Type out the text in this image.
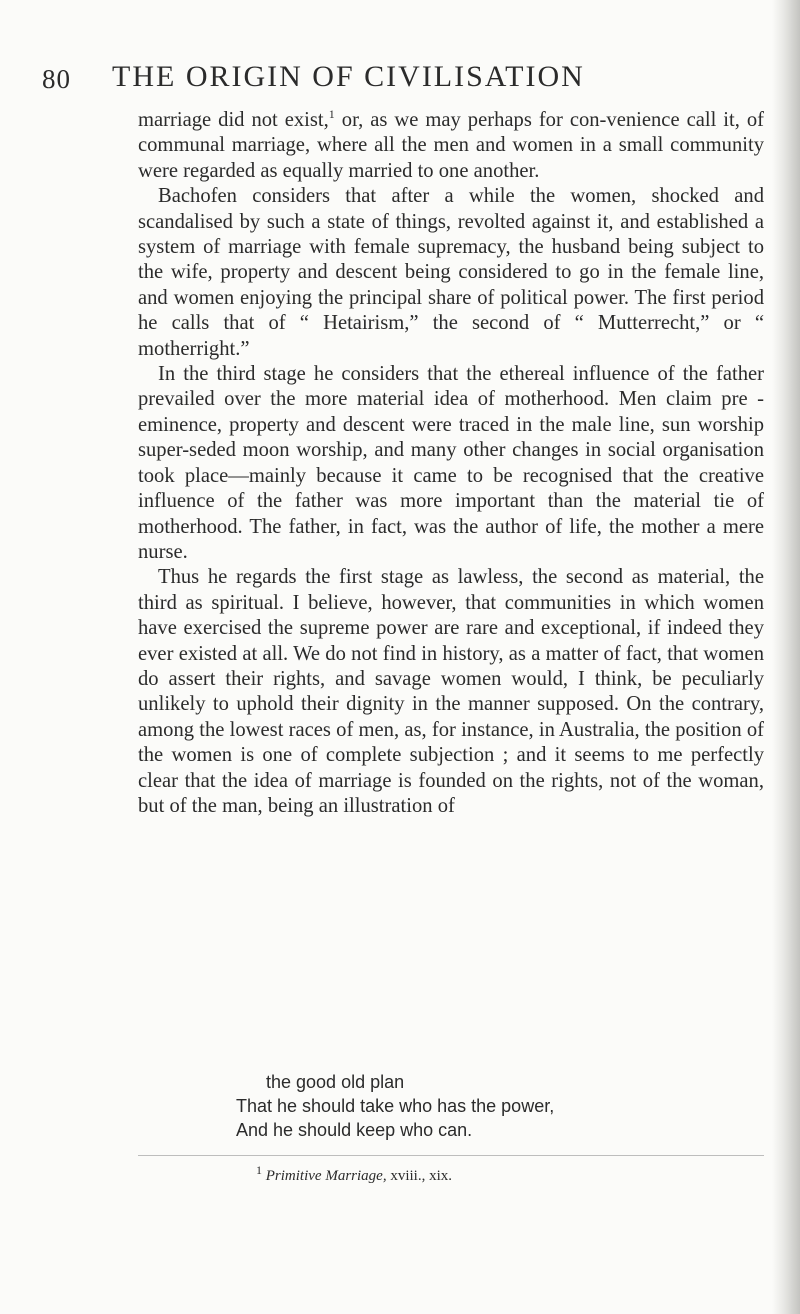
80 THE ORIGIN OF CIVILISATION

marriage did not exist,$^1$ or, as we may perhaps for con-venience call it, of communal marriage, where all the men and women in a small community were regarded as equally married to one another.

Bachofen considers that after a while the women, shocked and scandalised by such a state of things, revolted against it, and established a system of marriage with female supremacy, the husband being subject to the wife, property and descent being considered to go in the female line, and women enjoying the principal share of political power. The first period he calls that of “ Hetairism,” the second of “ Mutterrecht,” or “ motherright.”

In the third stage he considers that the ethereal influence of the father prevailed over the more material idea of motherhood. Men claim pre - eminence, property and descent were traced in the male line, sun worship super-seded moon worship, and many other changes in social organisation took place—mainly because it came to be recognised that the creative influence of the father was more important than the material tie of motherhood. The father, in fact, was the author of life, the mother a mere nurse.

Thus he regards the first stage as lawless, the second as material, the third as spiritual. I believe, however, that communities in which women have exercised the supreme power are rare and exceptional, if indeed they ever existed at all. We do not find in history, as a matter of fact, that women do assert their rights, and savage women would, I think, be peculiarly unlikely to uphold their dignity in the manner supposed. On the contrary, among the lowest races of men, as, for instance, in Australia, the position of the women is one of complete subjection ; and it seems to me perfectly clear that the idea of marriage is founded on the rights, not of the woman, but of the man, being an illustration of

the good old plan
That he should take who has the power,
And he should keep who can.
$^1$ Primitive Marriage, xviii., xix.
